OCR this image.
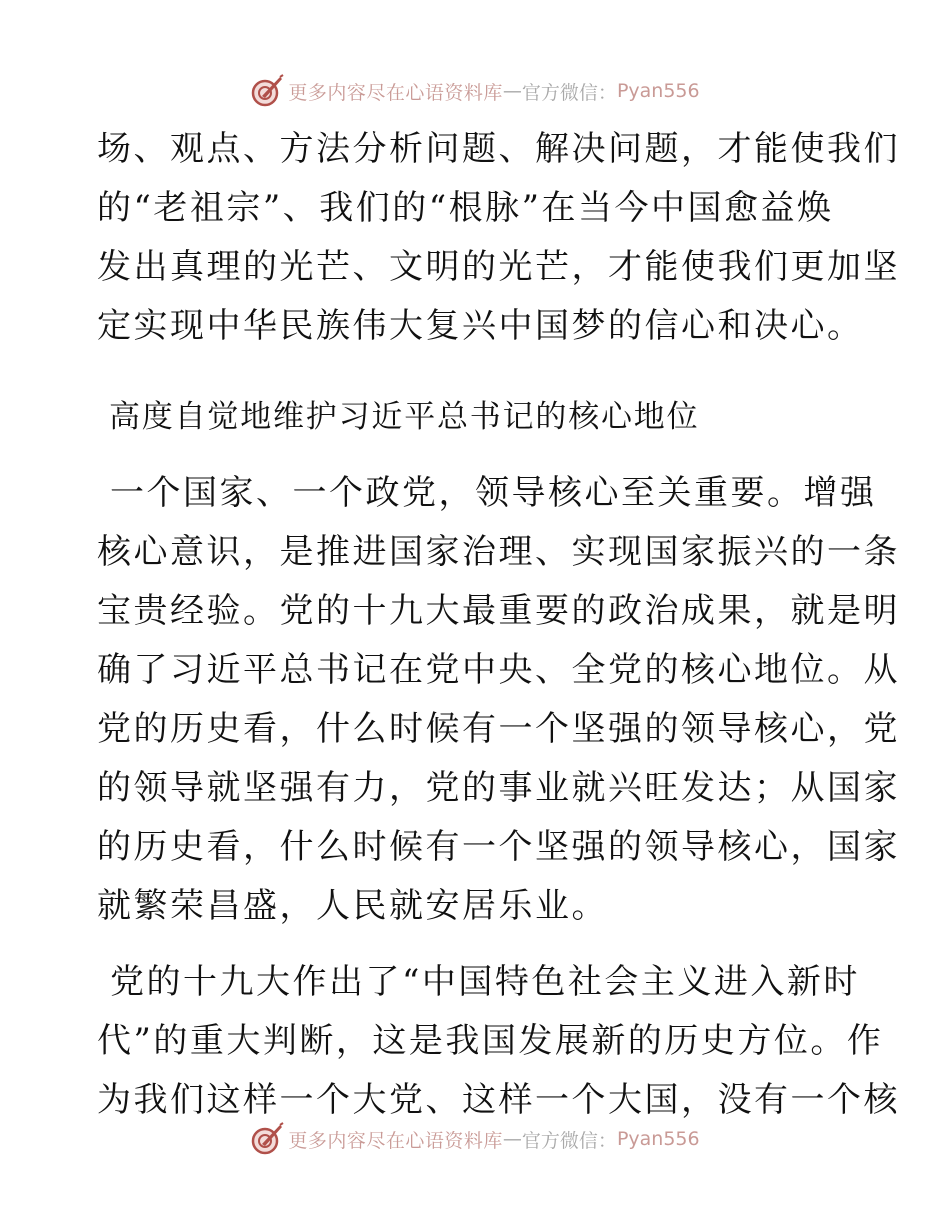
更多内容尽在心语资料库 — 官方微信： Pyan556
场、观点、方法分析问题、解决问题，才能使我们
的“老祖宗”、我们的“根脉”在当今中国愈益焕
发出真理的光芒、文明的光芒，才能使我们更加坚
定实现中华民族伟大复兴中国梦的信心和决心。
高度自觉地维护习近平总书记的核心地位
一个国家、一个政党，领导核心至关重要。增强
核心意识，是推进国家治理、实现国家振兴的一条
宝贵经验。党的十九大最重要的政治成果，就是明
确了习近平总书记在党中央、全党的核心地位。从
党的历史看，什么时候有一个坚强的领导核心，党
的领导就坚强有力，党的事业就兴旺发达；从国家
的历史看，什么时候有一个坚强的领导核心，国家
就繁荣昌盛，人民就安居乐业。
党的十九大作出了“中国特色社会主义进入新时
代”的重大判断，这是我国发展新的历史方位。作
为我们这样一个大党、这样一个大国，没有一个核
更多内容尽在心语资料库 — 官方微信： Pyan556
